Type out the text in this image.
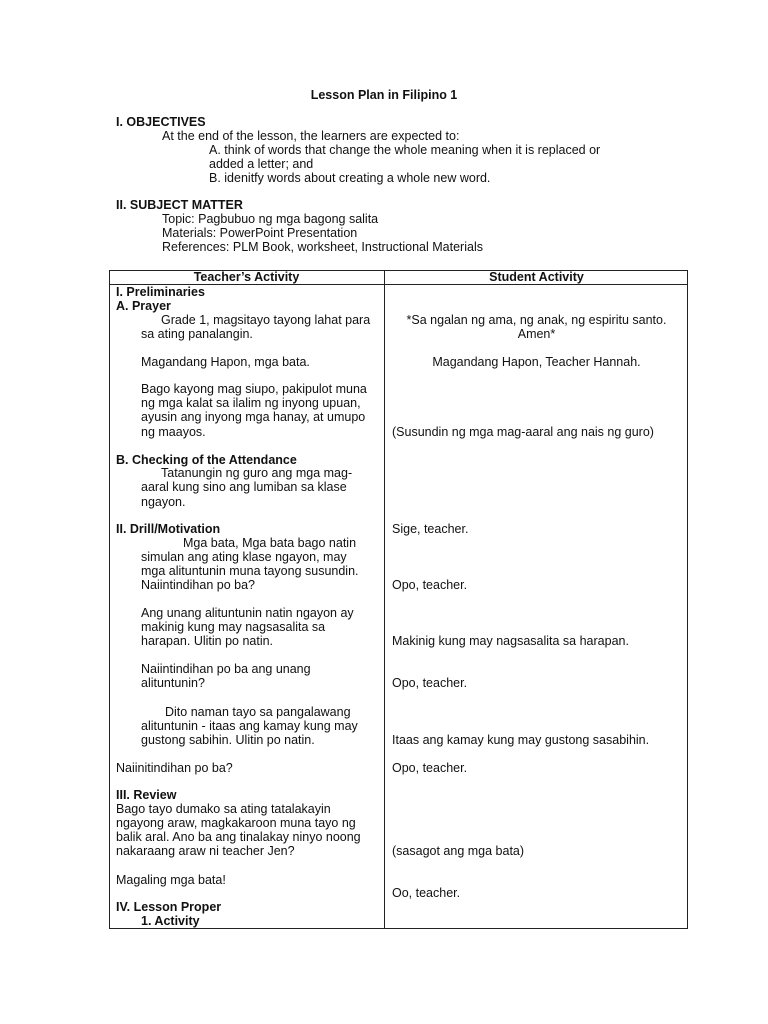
Lesson Plan in Filipino 1
I. OBJECTIVES
At the end of the lesson, the learners are expected to:
A. think of words that change the whole meaning when it is replaced or
added a letter; and
B. idenitfy words about creating a whole new word.
II. SUBJECT MATTER
Topic: Pagbubuo ng mga bagong salita
Materials: PowerPoint Presentation
References: PLM Book, worksheet, Instructional Materials
Teacher’s Activity	Student Activity
I. Preliminaries
A. Prayer
Grade 1, magsitayo tayong lahat para
sa ating panalangin.
Magandang Hapon, mga bata.
Bago kayong mag siupo, pakipulot muna
ng mga kalat sa ilalim ng inyong upuan,
ayusin ang inyong mga hanay, at umupo
ng maayos.
B. Checking of the Attendance
Tatanungin ng guro ang mga mag-
aaral kung sino ang lumiban sa klase
ngayon.
II. Drill/Motivation
Mga bata, Mga bata bago natin
simulan ang ating klase ngayon, may
mga alituntunin muna tayong susundin.
Naiintindihan po ba?
Ang unang alituntunin natin ngayon ay
makinig kung may nagsasalita sa
harapan. Ulitin po natin.
Naiintindihan po ba ang unang
alituntunin?
Dito naman tayo sa pangalawang
alituntunin - itaas ang kamay kung may
gustong sabihin. Ulitin po natin.
Naiinitindihan po ba?
III. Review
Bago tayo dumako sa ating tatalakayin
ngayong araw, magkakaroon muna tayo ng
balik aral. Ano ba ang tinalakay ninyo noong
nakaraang araw ni teacher Jen?
Magaling mga bata!
IV. Lesson Proper
1. Activity
*Sa ngalan ng ama, ng anak, ng espiritu santo.
Amen*
Magandang Hapon, Teacher Hannah.
(Susundin ng mga mag-aaral ang nais ng guro)
Sige, teacher.
Opo, teacher.
Makinig kung may nagsasalita sa harapan.
Opo, teacher.
Itaas ang kamay kung may gustong sasabihin.
Opo, teacher.
(sasagot ang mga bata)
Oo, teacher.
